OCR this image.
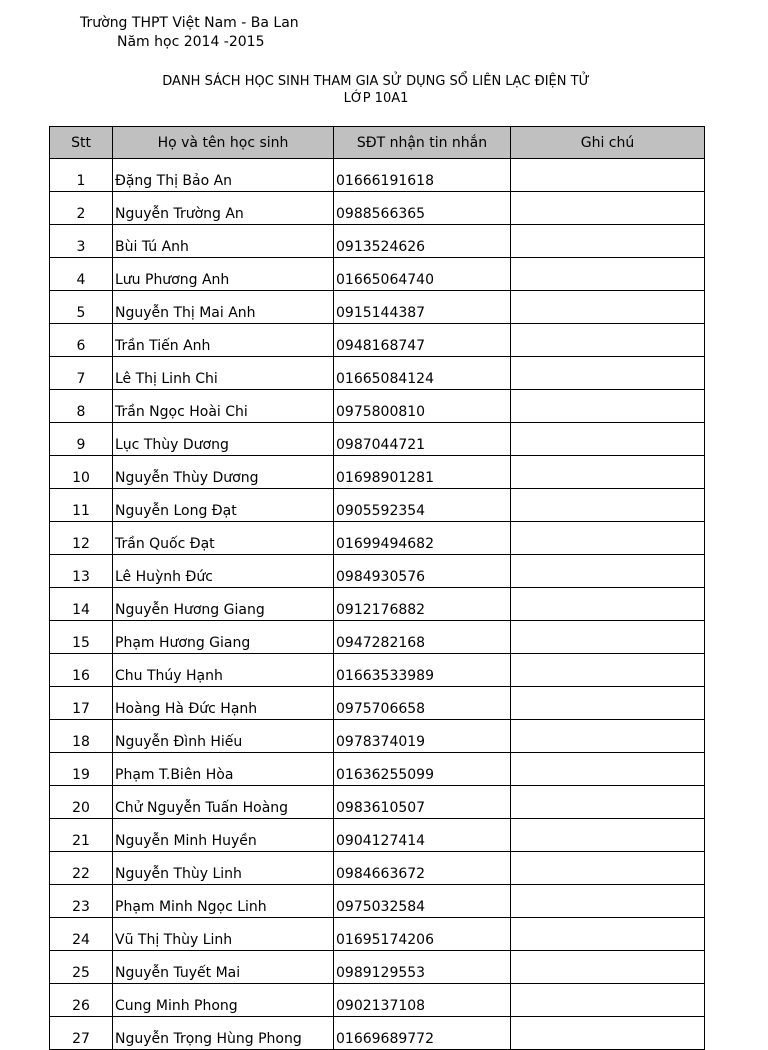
Trường THPT Việt Nam - Ba Lan
Năm học 2014 -2015
DANH SÁCH HỌC SINH THAM GIA SỬ DỤNG SỔ LIÊN LẠC ĐIỆN TỬ
LỚP 10A1
Stt	Họ và tên học sinh	SĐT nhận tin nhắn	Ghi chú
1	Đặng Thị Bảo An	01666191618	
2	Nguyễn Trường An	0988566365	
3	Bùi Tú Anh	0913524626	
4	Lưu Phương Anh	01665064740	
5	Nguyễn Thị Mai Anh	0915144387	
6	Trần Tiến Anh	0948168747	
7	Lê Thị Linh Chi	01665084124	
8	Trần Ngọc Hoài Chi	0975800810	
9	Lục Thùy Dương	0987044721	
10	Nguyễn Thùy Dương	01698901281	
11	Nguyễn Long Đạt	0905592354	
12	Trần Quốc Đạt	01699494682	
13	Lê Huỳnh Đức	0984930576	
14	Nguyễn Hương Giang	0912176882	
15	Phạm Hương Giang	0947282168	
16	Chu Thúy Hạnh	01663533989	
17	Hoàng Hà Đức Hạnh	0975706658	
18	Nguyễn Đình Hiếu	0978374019	
19	Phạm T.Biên Hòa	01636255099	
20	Chử Nguyễn Tuấn Hoàng	0983610507	
21	Nguyễn Minh Huyền	0904127414	
22	Nguyễn Thùy Linh	0984663672	
23	Phạm Minh Ngọc Linh	0975032584	
24	Vũ Thị Thùy Linh	01695174206	
25	Nguyễn Tuyết Mai	0989129553	
26	Cung Minh Phong	0902137108	
27	Nguyễn Trọng Hùng Phong	01669689772	
